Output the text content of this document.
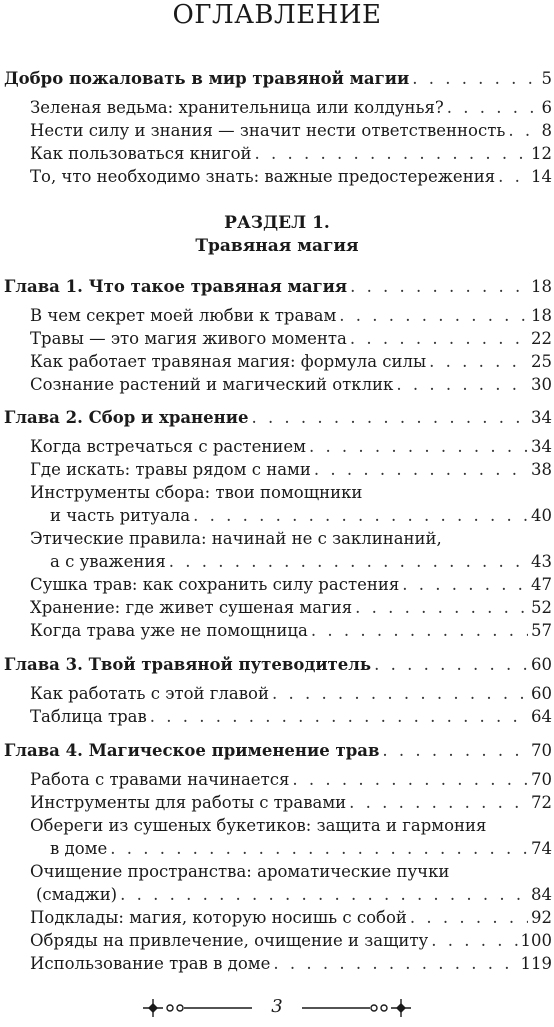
ОГЛАВЛЕНИЕ
Добро пожаловать в мир травяной магии . . .	5
Зеленая ведьма: хранительница или колдунья? . . .	6
Нести силу и знания — значит нести ответственность . . . 8
Как пользоваться книгой . . .	12
То, что необходимо знать: важные предостережения . . . 14
РАЗДЕЛ 1.
Травяная магия
Глава 1. Что такое травяная магия . . .	18
В чем секрет моей любви к травам . . .	18
Травы — это магия живого момента . . .	22
Как работает травяная магия: формула силы . . .	25
Сознание растений и магический отклик . . .	30
Глава 2. Сбор и хранение . . .	34
Когда встречаться с растением . . .	34
Где искать: травы рядом с нами . . .	38
Инструменты сбора: твои помощники
и часть ритуала . . .	40
Этические правила: начинай не с заклинаний,
а с уважения . . .	43
Сушка трав: как сохранить силу растения . . .	47
Хранение: где живет сушеная магия . . .	52
Когда трава уже не помощница . . .	57
Глава 3. Твой травяной путеводитель . . .	60
Как работать с этой главой . . .	60
Таблица трав . . .	64
Глава 4. Магическое применение трав . . .	70
Работа с травами начинается . . .	70
Инструменты для работы с травами . . .	72
Обереги из сушеных букетиков: защита и гармония
в доме . . .	74
Очищение пространства: ароматические пучки
(смаджи) . . .	84
Подклады: магия, которую носишь с собой . . .	92
Обряды на привлечение, очищение и защиту . . .	100
Использование трав в доме . . .	119
3
